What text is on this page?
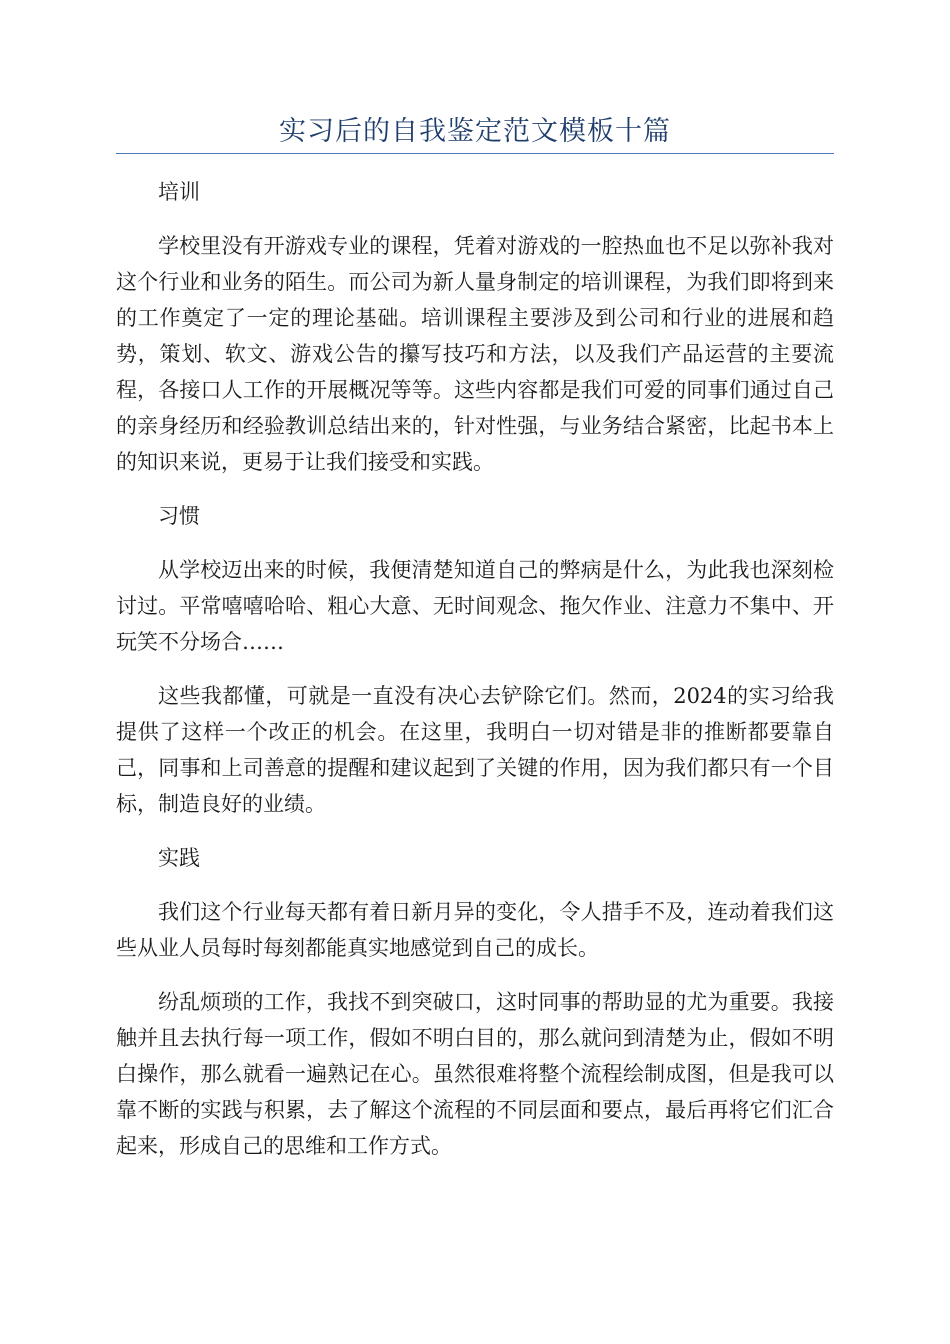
实习后的自我鉴定范文模板十篇

培训

学校里没有开游戏专业的课程，凭着对游戏的一腔热血也不足以弥补我对这个行业和业务的陌生。而公司为新人量身制定的培训课程，为我们即将到来的工作奠定了一定的理论基础。培训课程主要涉及到公司和行业的进展和趋势，策划、软文、游戏公告的攥写技巧和方法，以及我们产品运营的主要流程，各接口人工作的开展概况等等。这些内容都是我们可爱的同事们通过自己的亲身经历和经验教训总结出来的，针对性强，与业务结合紧密，比起书本上的知识来说，更易于让我们接受和实践。

习惯

从学校迈出来的时候，我便清楚知道自己的弊病是什么，为此我也深刻检讨过。平常嘻嘻哈哈、粗心大意、无时间观念、拖欠作业、注意力不集中、开玩笑不分场合……

这些我都懂，可就是一直没有决心去铲除它们。然而，2024的实习给我提供了这样一个改正的机会。在这里，我明白一切对错是非的推断都要靠自己，同事和上司善意的提醒和建议起到了关键的作用，因为我们都只有一个目标，制造良好的业绩。

实践

我们这个行业每天都有着日新月异的变化，令人措手不及，连动着我们这些从业人员每时每刻都能真实地感觉到自己的成长。

纷乱烦琐的工作，我找不到突破口，这时同事的帮助显的尤为重要。我接触并且去执行每一项工作，假如不明白目的，那么就问到清楚为止，假如不明白操作，那么就看一遍熟记在心。虽然很难将整个流程绘制成图，但是我可以靠不断的实践与积累，去了解这个流程的不同层面和要点，最后再将它们汇合起来，形成自己的思维和工作方式。
